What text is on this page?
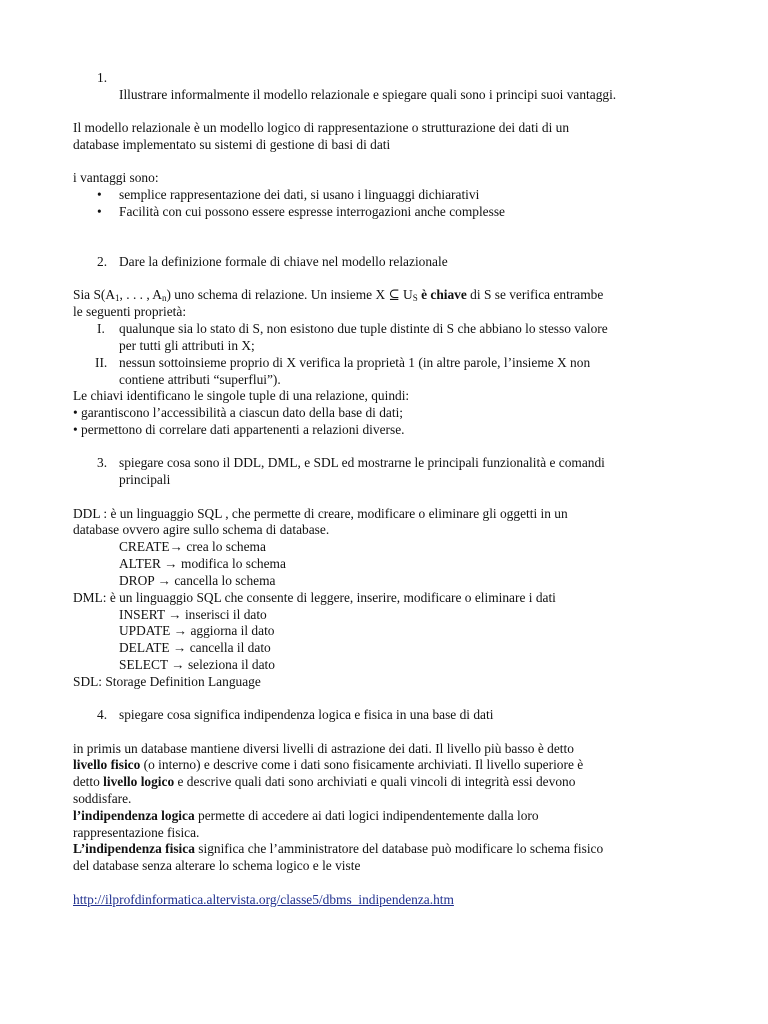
1.
Illustrare informalmente il modello relazionale e spiegare quali sono i principi suoi vantaggi.
Il modello relazionale è un modello logico di rappresentazione o strutturazione dei dati di un
database implementato su sistemi di gestione di basi di dati
i vantaggi sono:
• semplice rappresentazione dei dati, si usano i linguaggi dichiarativi
• Facilità con cui possono essere espresse interrogazioni anche complesse
2. Dare la definizione formale di chiave nel modello relazionale
Sia $S(A_1$, . . . , $A_n$) uno schema di relazione. Un insieme X ⊆ $U_S$ è chiave di S se verifica entrambe
le seguenti proprietà:
I. qualunque sia lo stato di S, non esistono due tuple distinte di S che abbiano lo stesso valore
per tutti gli attributi in X;
II. nessun sottoinsieme proprio di X verifica la proprietà 1 (in altre parole, l’insieme X non
contiene attributi “superflui”).
Le chiavi identificano le singole tuple di una relazione, quindi:
• garantiscono l’accessibilità a ciascun dato della base di dati;
• permettono di correlare dati appartenenti a relazioni diverse.
3. spiegare cosa sono il DDL, DML, e SDL ed mostrarne le principali funzionalità e comandi
principali
DDL : è un linguaggio SQL , che permette di creare, modificare o eliminare gli oggetti in un
database ovvero agire sullo schema di database.
CREATE→ crea lo schema
ALTER → modifica lo schema
DROP → cancella lo schema
DML: è un linguaggio SQL che consente di leggere, inserire, modificare o eliminare i dati
INSERT → inserisci il dato
UPDATE → aggiorna il dato
DELATE → cancella il dato
SELECT → seleziona il dato
SDL: Storage Definition Language
4. spiegare cosa significa indipendenza logica e fisica in una base di dati
in primis un database mantiene diversi livelli di astrazione dei dati. Il livello più basso è detto
livello fisico (o interno) e descrive come i dati sono fisicamente archiviati. Il livello superiore è
detto livello logico e descrive quali dati sono archiviati e quali vincoli di integrità essi devono
soddisfare.
l’indipendenza logica permette di accedere ai dati logici indipendentemente dalla loro
rappresentazione fisica.
L’indipendenza fisica significa che l’amministratore del database può modificare lo schema fisico
del database senza alterare lo schema logico e le viste
http://ilprofdinformatica.altervista.org/classe5/dbms_indipendenza.htm
